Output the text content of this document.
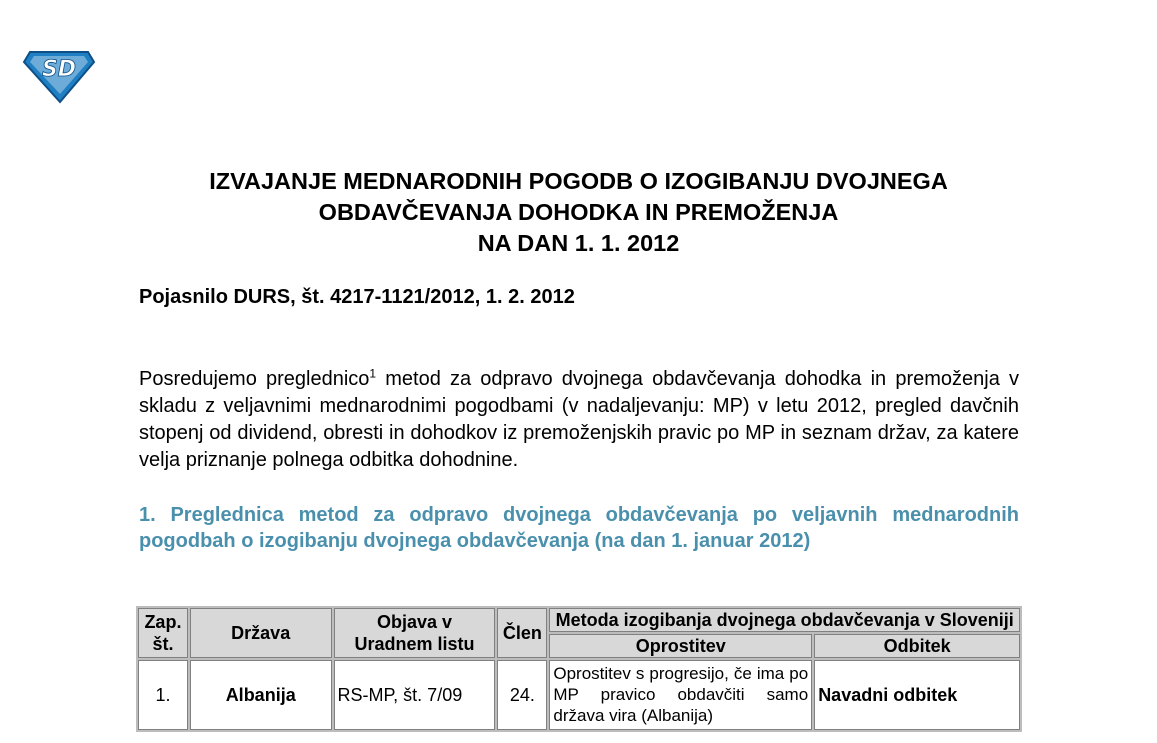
SD
IZVAJANJE MEDNARODNIH POGODB O IZOGIBANJU DVOJNEGA
OBDAVČEVANJA DOHODKA IN PREMOŽENJA
NA DAN 1. 1. 2012
Pojasnilo DURS, št. 4217-1121/2012, 1. 2. 2012

Posredujemo preglednico$^1$ metod za odpravo dvojnega obdavčevanja dohodka in premoženja v skladu z veljavnimi mednarodnimi pogodbami (v nadaljevanju: MP) v letu 2012, pregled davčnih stopenj od dividend, obresti in dohodkov iz premoženjskih pravic po MP in seznam držav, za katere velja priznanje polnega odbitka dohodnine.

1. Preglednica metod za odpravo dvojnega obdavčevanja po veljavnih mednarodnih pogodbah o izogibanju dvojnega obdavčevanja (na dan 1. januar 2012)
Zap. št.	Država	Objava v Uradnem listu	Člen	Metoda izogibanja dvojnega obdavčevanja v Sloveniji	
				Oprostitev	Odbitek
1.	Albanija	RS-MP, št. 7/09	24.	Oprostitev s progresijo, če ima po MP pravico obdavčiti samo država vira (Albanija)	Navadni odbitek
